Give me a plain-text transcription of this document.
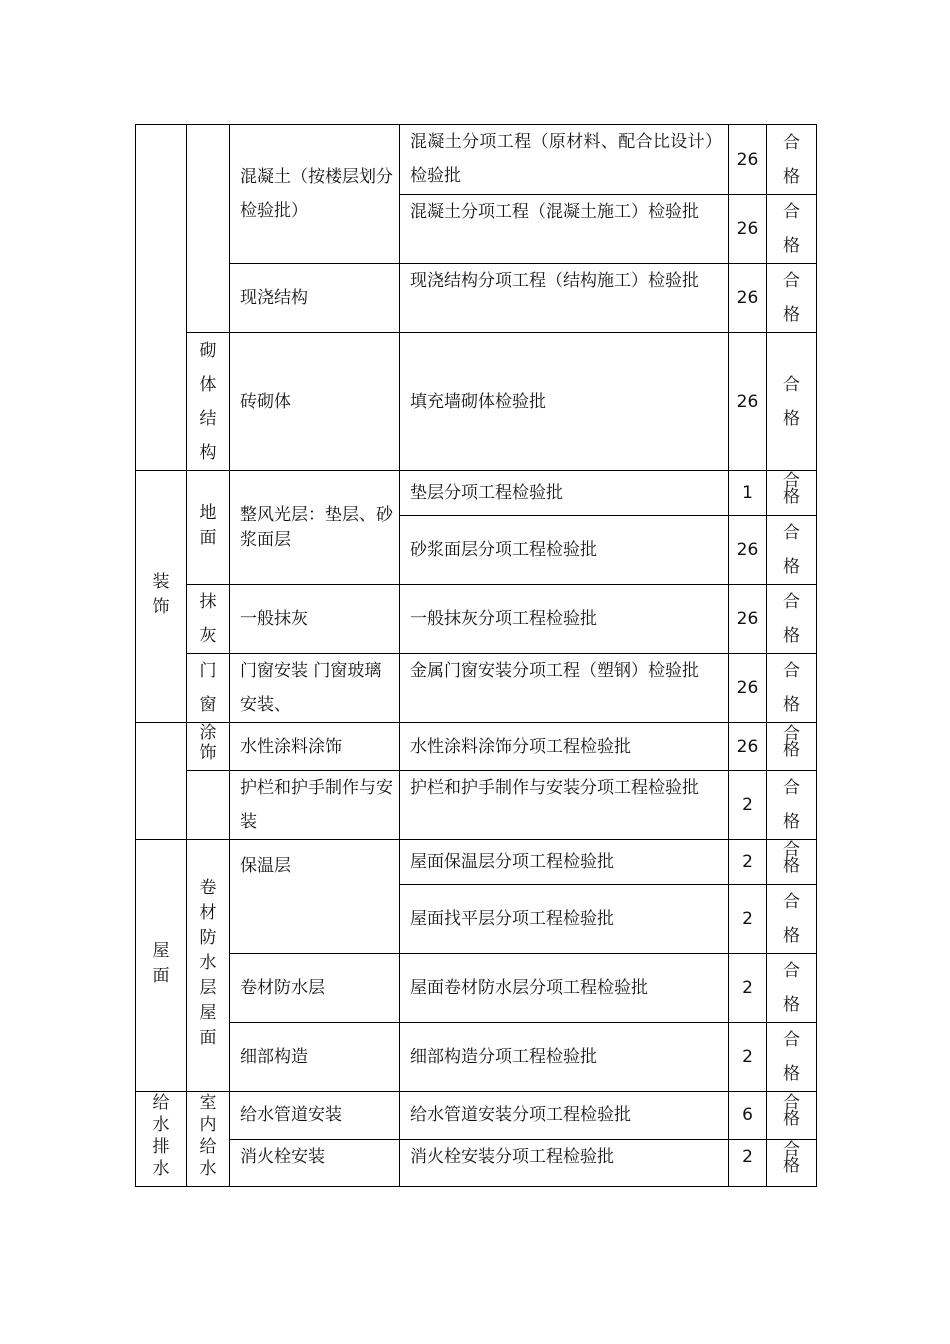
		混凝土（按楼层划分检验批）	混凝土分项工程（原材料、配合比设计）检验批	26	合格
			混凝土分项工程（混凝土施工）检验批	26	合格
		现浇结构	现浇结构分项工程（结构施工）检验批	26	合格
	砌体结构	砖砌体	填充墙砌体检验批	26	合格
装饰	地面	整风光层：垫层、砂浆面层	垫层分项工程检验批	1	合格
			砂浆面层分项工程检验批	26	合格
	抹灰	一般抹灰	一般抹灰分项工程检验批	26	合格
	门窗	门窗安装 门窗玻璃安装、	金属门窗安装分项工程（塑钢）检验批	26	合格
	涂饰	水性涂料涂饰	水性涂料涂饰分项工程检验批	26	合格
		护栏和护手制作与安装	护栏和护手制作与安装分项工程检验批	2	合格
屋面	卷材防水层屋面	保温层	屋面保温层分项工程检验批	2	合格
			屋面找平层分项工程检验批	2	合格
		卷材防水层	屋面卷材防水层分项工程检验批	2	合格
		细部构造	细部构造分项工程检验批	2	合格
给水排水	室内给水	给水管道安装	给水管道安装分项工程检验批	6	合格
		消火栓安装	消火栓安装分项工程检验批	2	合格
